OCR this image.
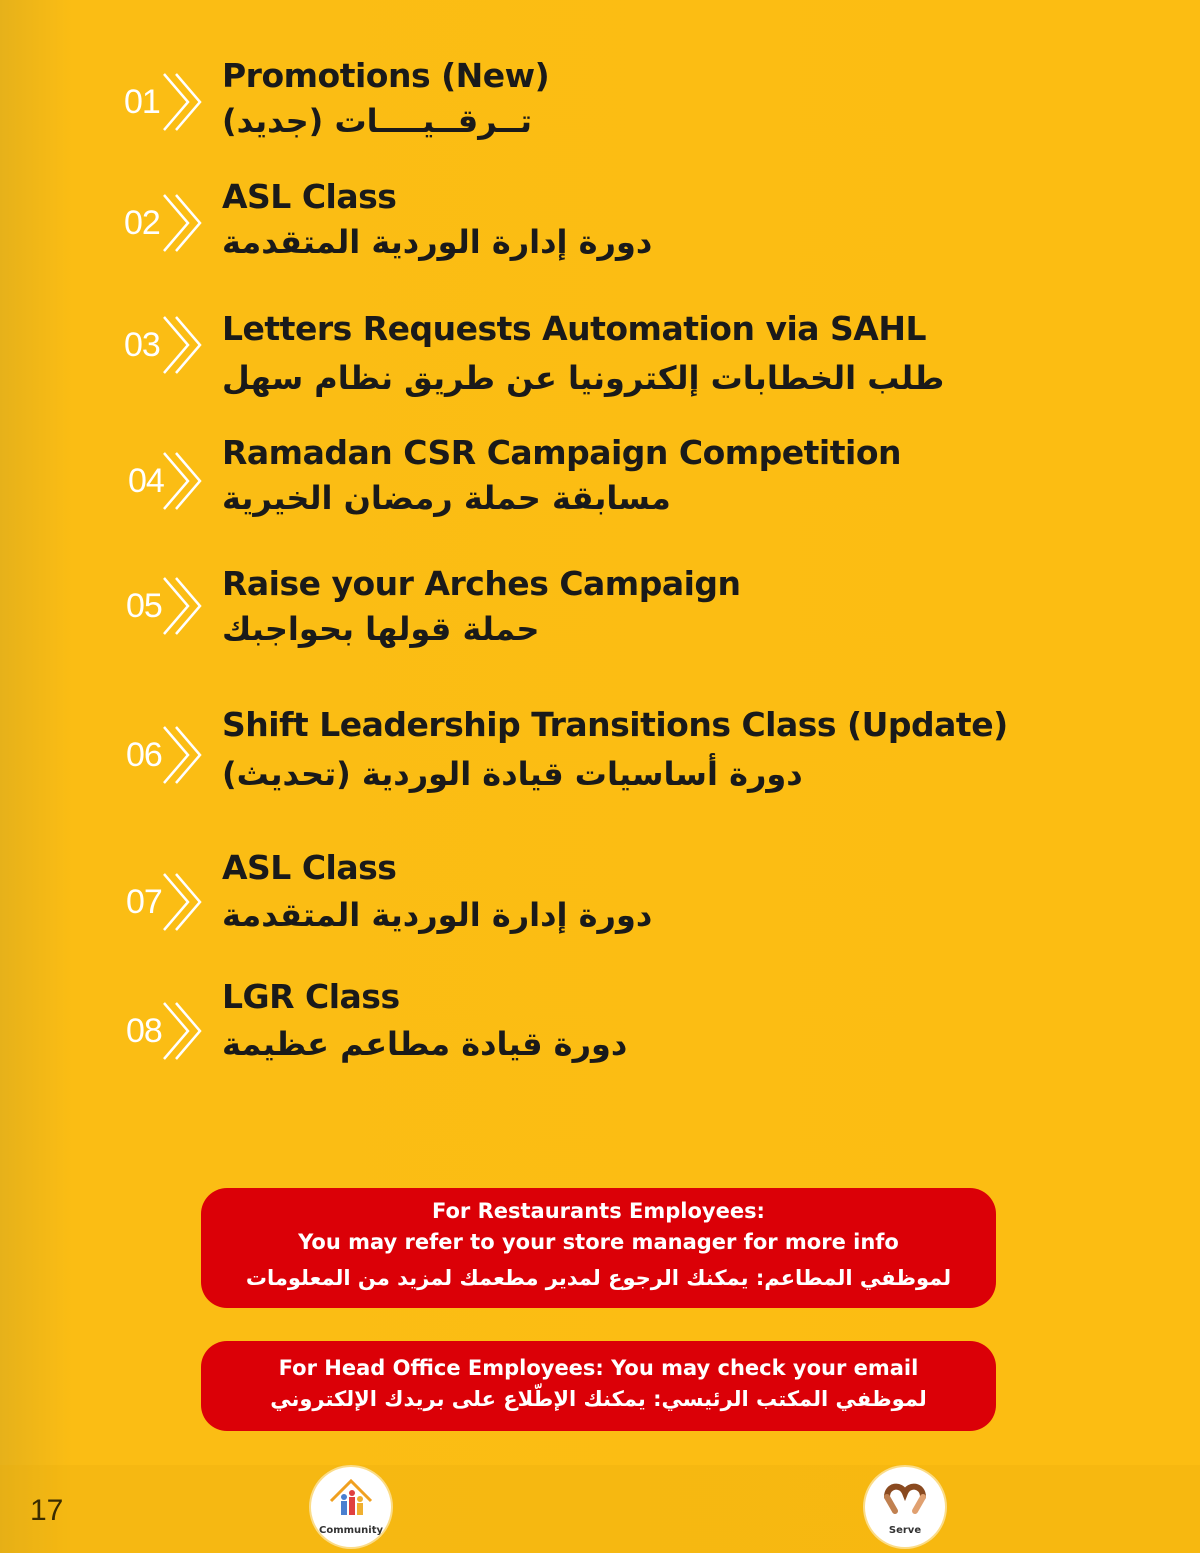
01
Promotions (New)
تــرقــيــــات (جديد)
02
ASL Class
دورة إدارة الوردية المتقدمة
03	Letters Requests Automation via SAHL
طلب الخطابات إلكترونيا عن طريق نظام سهل
04
Ramadan CSR Campaign Competition
مسابقة حملة رمضان الخيرية
05
Raise your Arches Campaign
حملة قولها بحواجبك
06
Shift Leadership Transitions Class (Update)
دورة أساسيات قيادة الوردية (تحديث)
07
ASL Class
دورة إدارة الوردية المتقدمة
08
LGR Class
دورة قيادة مطاعم عظيمة
For Restaurants Employees:
You may refer to your store manager for more info
لموظفي المطاعم: يمكنك الرجوع لمدير مطعمك لمزيد من المعلومات
For Head Office Employees: You may check your email
لموظفي المكتب الرئيسي: يمكنك الإطّلاع على بريدك الإلكتروني
17
Community	Serve
